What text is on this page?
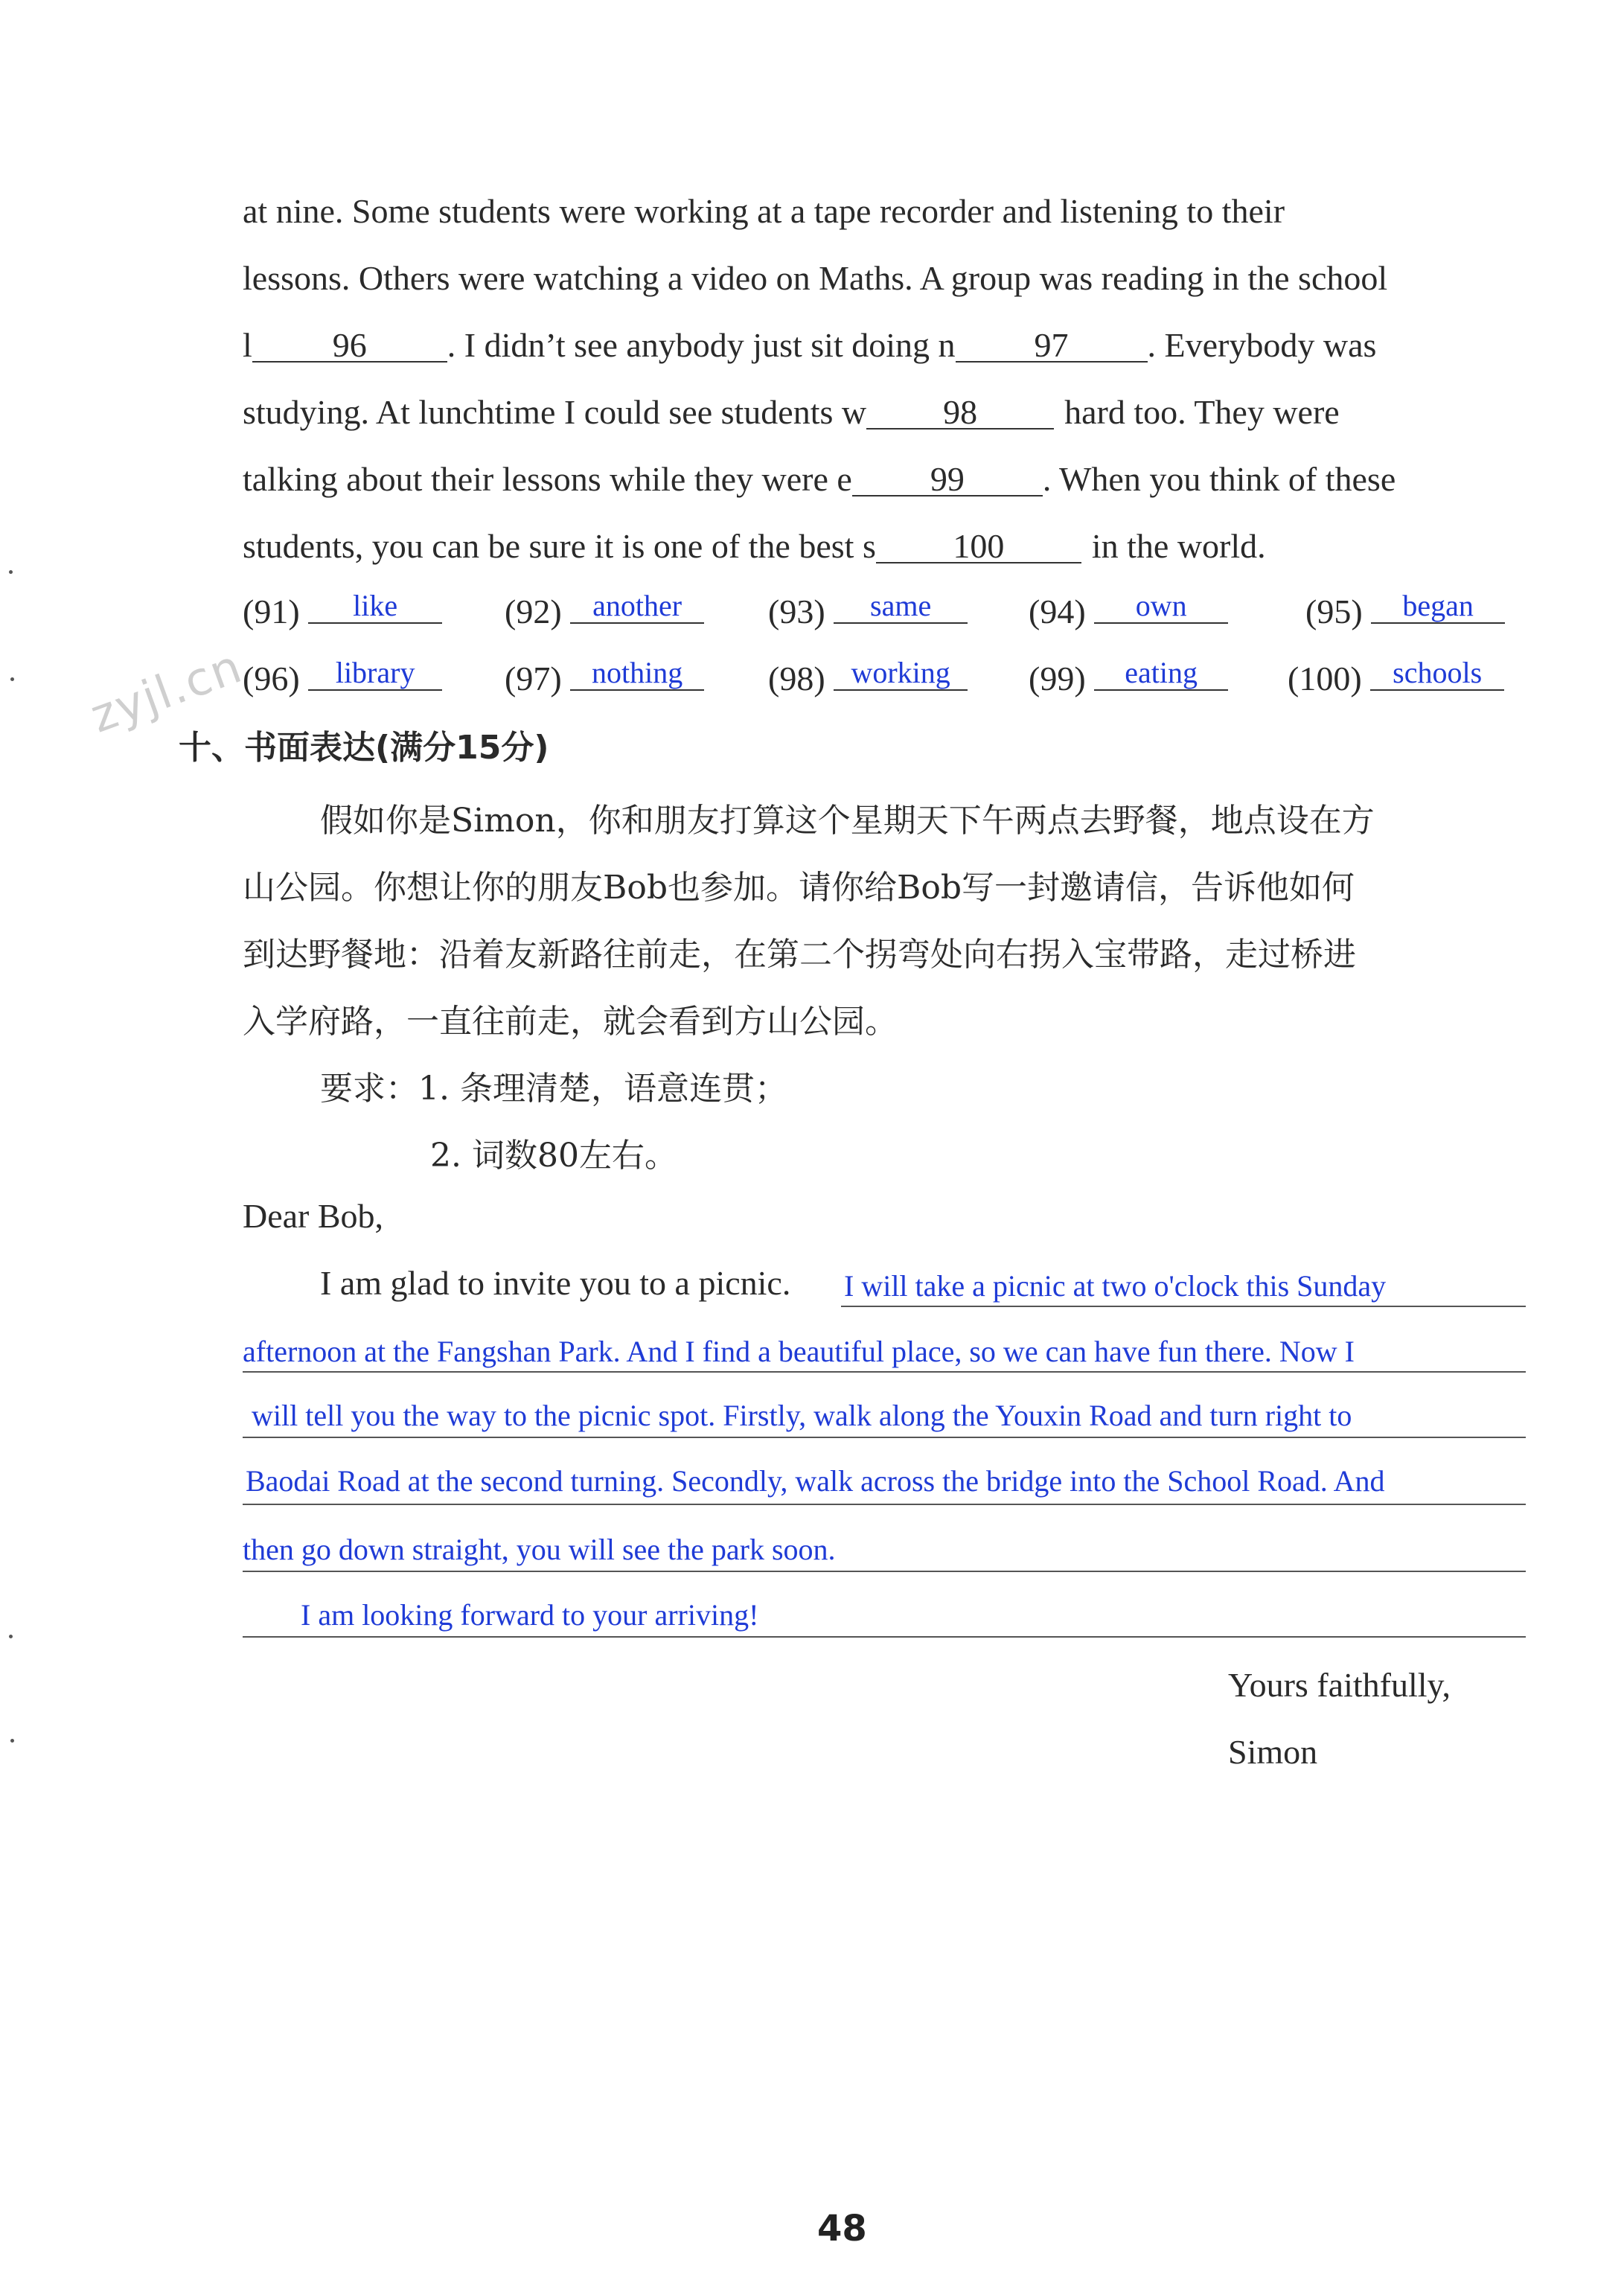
at nine. Some students were working at a tape recorder and listening to their
lessons. Others were watching a video on Maths. A group was reading in the school
l 96 . I didn’t see anybody just sit doing n 97 . Everybody was
studying. At lunchtime I could see students w 98	hard too. They were
talking about their lessons while they were e 99 . When you think of these
students, you can be sure it is one of the best s 100	in the world.
(91) like	(92) another	(93) same	(94) own	(95) began
(96) library	(97) nothing	(98) working	(99) eating	(100) schools
zyjl.cn
十、书面表达(满分15分)
假如你是Simon，你和朋友打算这个星期天下午两点去野餐，地点设在方
山公园。你想让你的朋友Bob也参加。请你给Bob写一封邀请信，告诉他如何
到达野餐地：沿着友新路往前走，在第二个拐弯处向右拐入宝带路，走过桥进
入学府路，一直往前走，就会看到方山公园。
要求：1. 条理清楚，语意连贯；
2. 词数80左右。
Dear Bob,
I am glad to invite you to a picnic. I will take a picnic at two o'clock this Sunday
afternoon at the Fangshan Park. And I find a beautiful place, so we can have fun there. Now I
will tell you the way to the picnic spot. Firstly, walk along the Youxin Road and turn right to
Baodai Road at the second turning. Secondly, walk across the bridge into the School Road. And
then go down straight, you will see the park soon.
I am looking forward to your arriving!
Yours faithfully,
Simon
48
